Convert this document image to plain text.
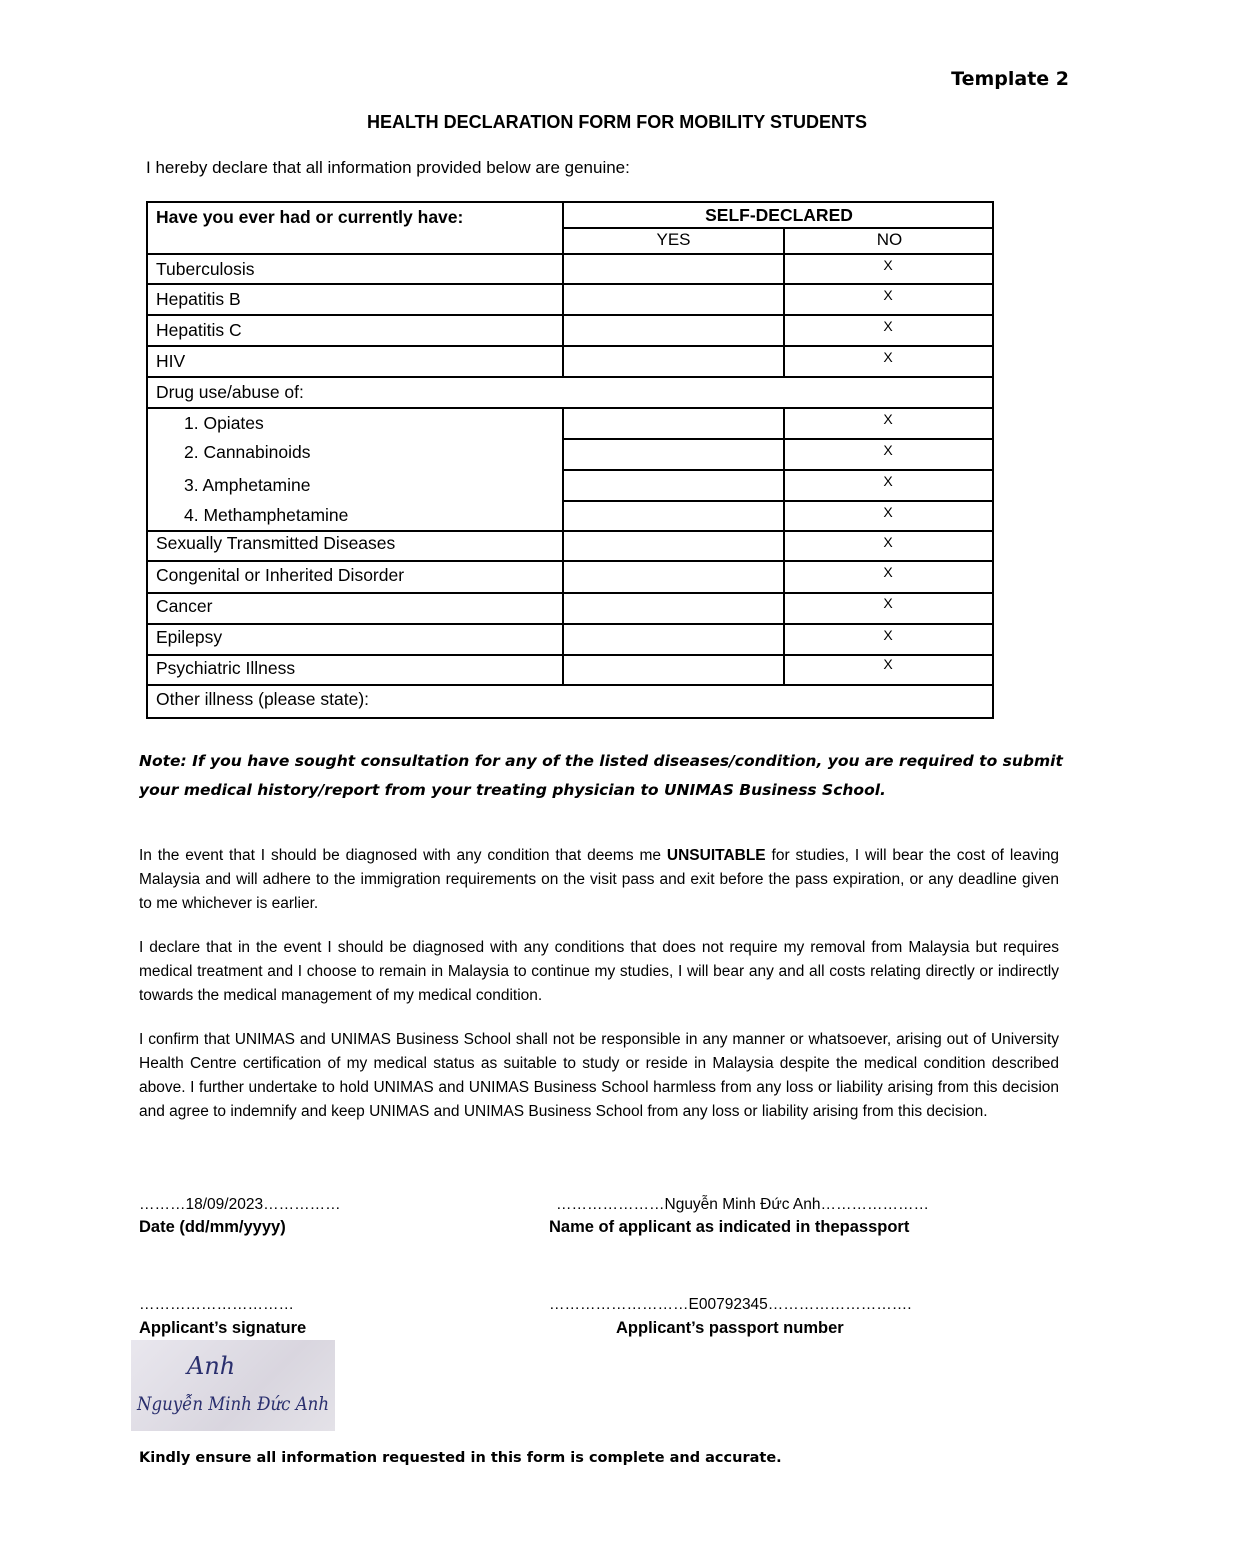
Template 2
HEALTH DECLARATION FORM FOR MOBILITY STUDENTS
I hereby declare that all information provided below are genuine:
Have you ever had or currently have:	SELF-DECLARED
YES	NO
Tuberculosis
Hepatitis B
Hepatitis C
HIV
Drug use/abuse of:
1. Opiates
2. Cannabinoids
3. Amphetamine
4. Methamphetamine
Sexually Transmitted Diseases
Congenital or Inherited Disorder
Cancer
Epilepsy
Psychiatric Illness
Other illness (please state):
X
X
X
X
X
X
X
X
X
X
X
X
X
Note: If you have sought consultation for any of the listed diseases/condition, you are required to submit your medical history/report from your treating physician to UNIMAS Business School.
In the event that I should be diagnosed with any condition that deems me UNSUITABLE for studies, I will bear the cost of leaving Malaysia and will adhere to the immigration requirements on the visit pass and exit before the pass expiration, or any deadline given to me whichever is earlier.
I declare that in the event I should be diagnosed with any conditions that does not require my removal from Malaysia but requires medical treatment and I choose to remain in Malaysia to continue my studies, I will bear any and all costs relating directly or indirectly towards the medical management of my medical condition.
I confirm that UNIMAS and UNIMAS Business School shall not be responsible in any manner or whatsoever, arising out of University Health Centre certification of my medical status as suitable to study or reside in Malaysia despite the medical condition described above. I further undertake to hold UNIMAS and UNIMAS Business School harmless from any loss or liability arising from this decision and agree to indemnify and keep UNIMAS and UNIMAS Business School from any loss or liability arising from this decision.
………18/09/2023……………
Date (dd/mm/yyyy)
…………………Nguyễn Minh Đức Anh…………………
Name of applicant as indicated in thepassport
…………………………
Applicant’s signature
………………………E00792345……………………….
Applicant’s passport number
Anh
Nguyễn Minh Đức Anh
Kindly ensure all information requested in this form is complete and accurate.
